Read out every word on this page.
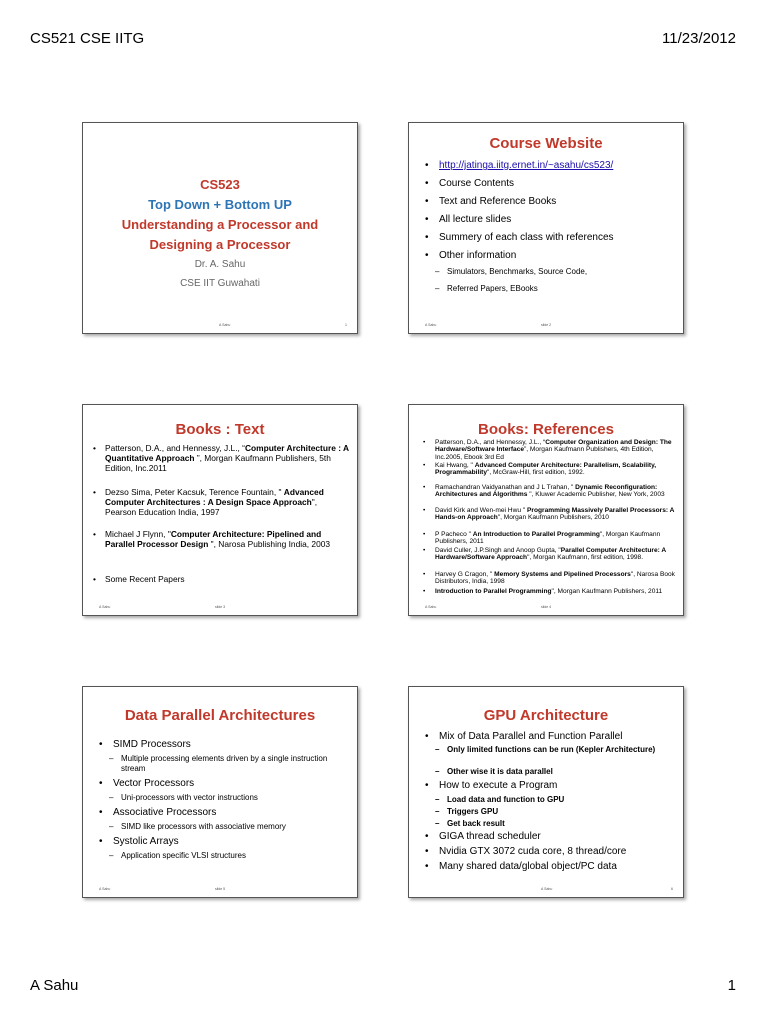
CS521 CSE IITG	11/23/2012
CS523
Top Down + Bottom UP
Understanding a Processor and
Designing a Processor
Dr. A. Sahu
CSE IIT Guwahati
A Sahu	1
Course Website
• http://jatinga.iitg.ernet.in/~asahu/cs523/
• Course Contents
• Text and Reference Books
• All lecture slides
• Summery of each class with references
• Other information
– Simulators, Benchmarks, Source Code,
– Referred Papers, EBooks
A Sahu	slide 2
Books : Text
• Patterson, D.A., and Hennessy, J.L., “Computer Architecture : A Quantitative Approach ”, Morgan Kaufmann Publishers, 5th Edition, Inc.2011
• Dezso Sima, Peter Kacsuk, Terence Fountain, " Advanced Computer Architectures : A Design Space Approach", Pearson Education India, 1997
• Michael J Flynn, "Computer Architecture: Pipelined and Parallel Processor Design ", Narosa Publishing India, 2003
• Some Recent Papers
A Sahu	slide 3
Books: References
• Patterson, D.A., and Hennessy, J.L., “Computer Organization and Design: The Hardware/Software Interface”, Morgan Kaufmann Publishers, 4th Edition, Inc.2005, Ebook 3rd Ed
• Kai Hwang, " Advanced Computer Architecture: Parallelism, Scalability, Programmability", McGraw-Hill, first edition, 1992.
• Ramachandran Vaidyanathan and J L Trahan, " Dynamic Reconfiguration: Architectures and Algorithms ", Kluwer Academic Publisher, New York, 2003
• David Kirk and Wen-mei Hwu " Programming Massively Parallel Processors: A Hands-on Approach", Morgan Kaufmann Publishers, 2010
• P Pacheco " An Introduction to Parallel Programming", Morgan Kaufmann Publishers, 2011
• David Culler, J.P.Singh and Anoop Gupta, "Parallel Computer Architecture: A Hardware/Software Approach", Morgan Kaufmann, first edition, 1998.
• Harvey G Cragon, " Memory Systems and Pipelined Processors", Narosa Book Distributors, India, 1998
• Introduction to Parallel Programming", Morgan Kaufmann Publishers, 2011
A Sahu	slide 4
Data Parallel Architectures
• SIMD Processors
– Multiple processing elements driven by a single instruction stream
• Vector Processors
– Uni-processors with vector instructions
• Associative Processors
– SIMD like processors with associative memory
• Systolic Arrays
– Application specific VLSI structures
A Sahu	slide 5
GPU Architecture
• Mix of Data Parallel and Function Parallel
– Only limited functions can be run (Kepler Architecture)
– Other wise it is data parallel
• How to execute a Program
– Load data and function to GPU
– Triggers GPU
– Get back result
• GIGA thread scheduler
• Nvidia GTX 3072 cuda core, 8 thread/core
• Many shared data/global object/PC data
A Sahu	6
A Sahu	1
